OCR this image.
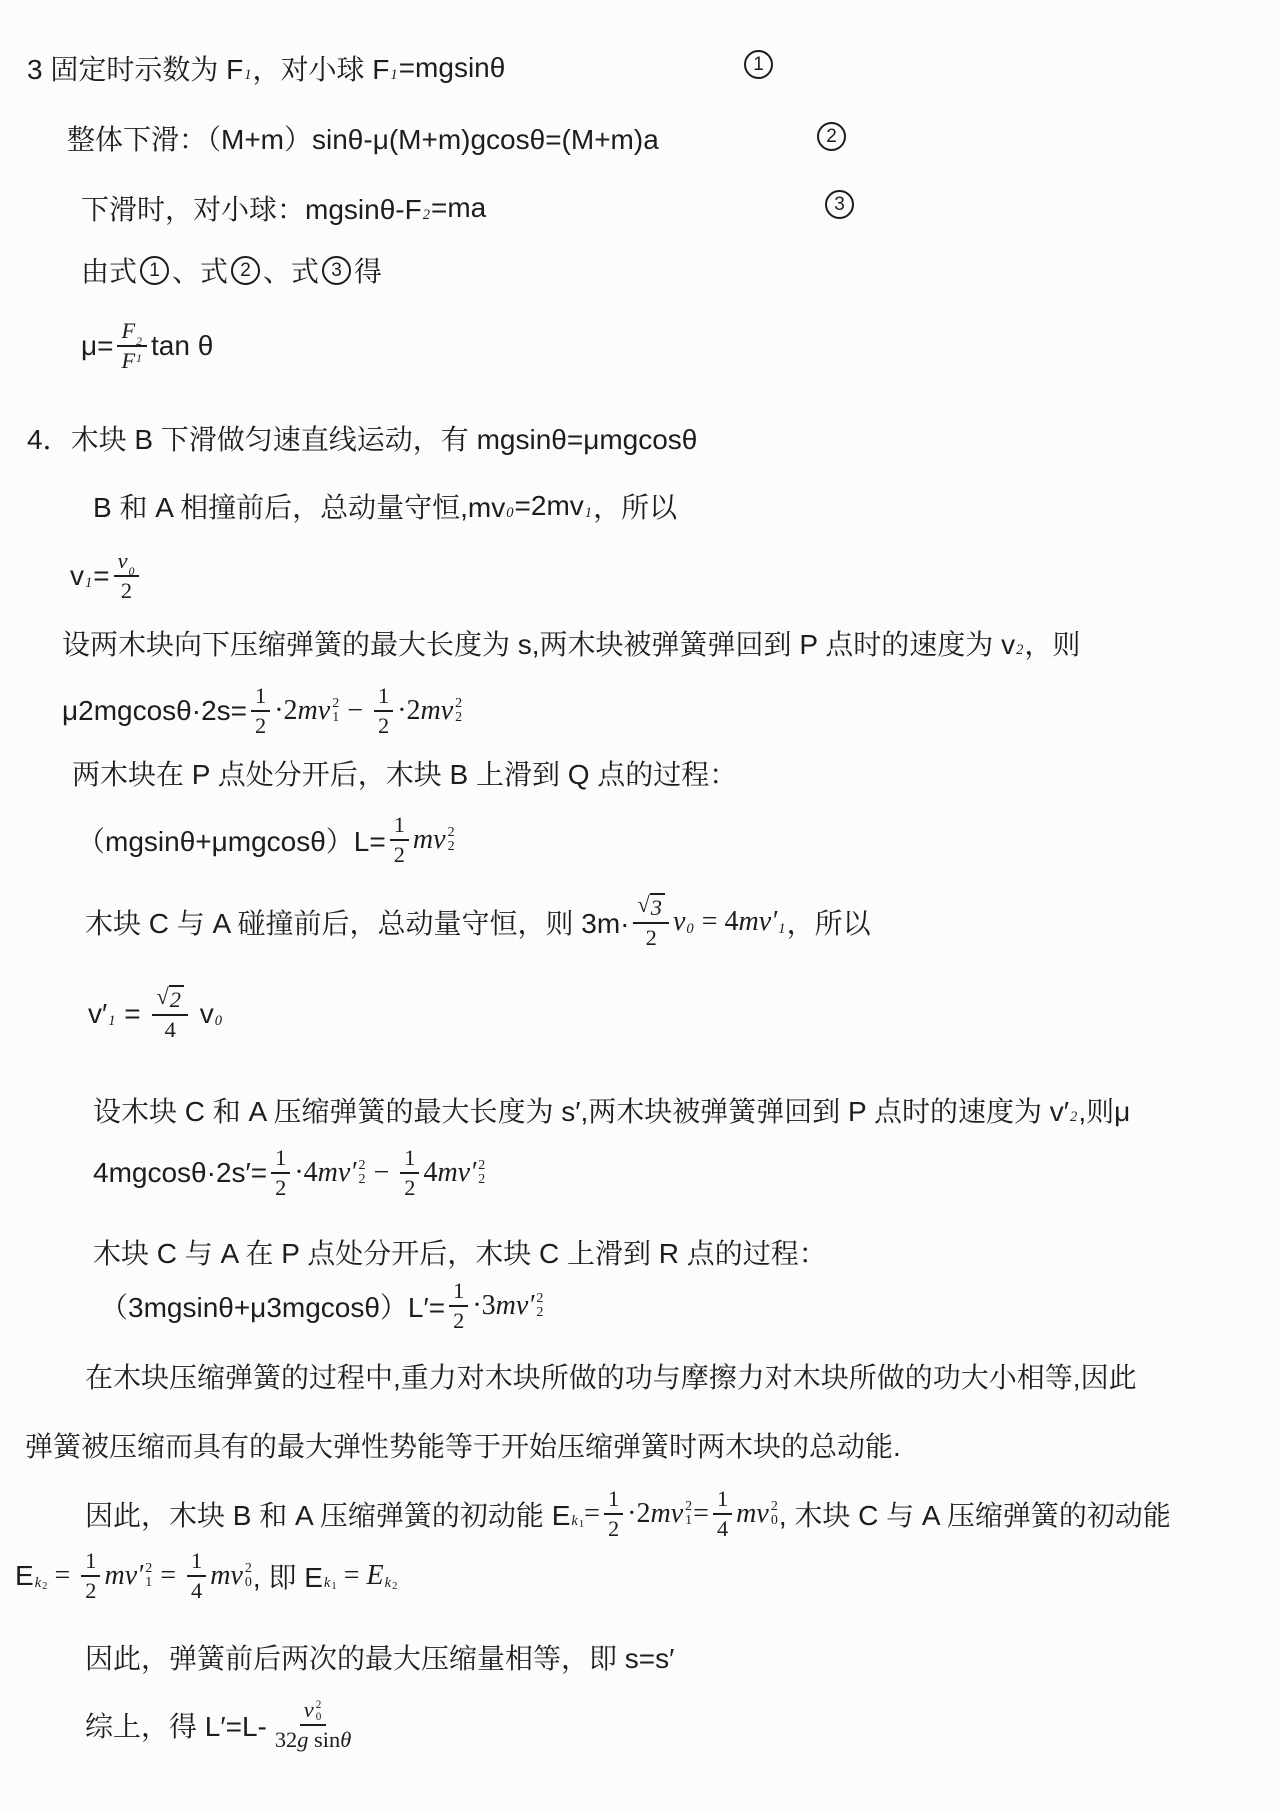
3 固定时示数为 F 1 ，对小球 F 1 =mgsinθ
整体下滑：（M+m）sinθ-μ(M+m)gcosθ=(M+m)a
下滑时，对小球：mgsinθ-F 2 =ma
由式 1 、式 2 、式 3 得
$\mu= \frac{F 2}{F 1}$ tan θ
4．木块 B 下滑做匀速直线运动，有 mgsinθ=μmgcosθ
B 和 A 相撞前后，总动量守恒,mv 0 =2mv 1 ，所以
v $1 = \frac{v 0}{2}$
设两木块向下压缩弹簧的最大长度为 s,两木块被弹簧弹回到 P 点时的速度为 v 2 ，则
$\mu 2mgcos\theta\cdot 2s= \frac{1}{2} \cdot 2$ mv 2
$1 - \frac{1}{2} \cdot 2$ mv 2
2
两木块在 P 点处分开后，木块 B 上滑到 Q 点的过程：
$(mgsin\theta+\mu mgcos\theta)L= \frac{1}{2}$ mv 2
2
木块 C 与 A 碰撞前后，总动量守恒，则 $3m\cdot \frac{√ 3}{2}$ v 0 = 4 mv′ 1 ，所以
v′ $1 = \frac{√ 2}{4}$ v 0
设木块 C 和 A 压缩弹簧的最大长度为 s′,两木块被弹簧弹回到 P 点时的速度为 v′ 2 ,则μ
$4mgcos\theta\cdot 2s'= \frac{1}{2} \cdot 4$ mv′ 2
$2 - \frac{1}{2} 4$ mv′ 2
2
木块 C 与 A 在 P 点处分开后，木块 C 上滑到 R 点的过程：
$(3mgsin\theta+\mu 3mgcos\theta)L'= \frac{1}{2} \cdot 3$ mv′ 2
2
在木块压缩弹簧的过程中,重力对木块所做的功与摩擦力对木块所做的功大小相等,因此
弹簧被压缩而具有的最大弹性势能等于开始压缩弹簧时两木块的总动能.
因此，木块 B 和 A 压缩弹簧的初动能 E k $1 = \frac{1}{2} \cdot 2$ mv 2
$1 = \frac{1}{4}$ mv 2
0 , 木块 C 与 A 压缩弹簧的初动能
E k $2 = \frac{1}{2} mv'$ 2
$1 = \frac{1}{4}$ mv 2
0 , 即 E k 1 = E k 2
因此，弹簧前后两次的最大压缩量相等，即 s=s′
综上，得 L′=L- v 2
0
32 g sin θ
1
2
3
